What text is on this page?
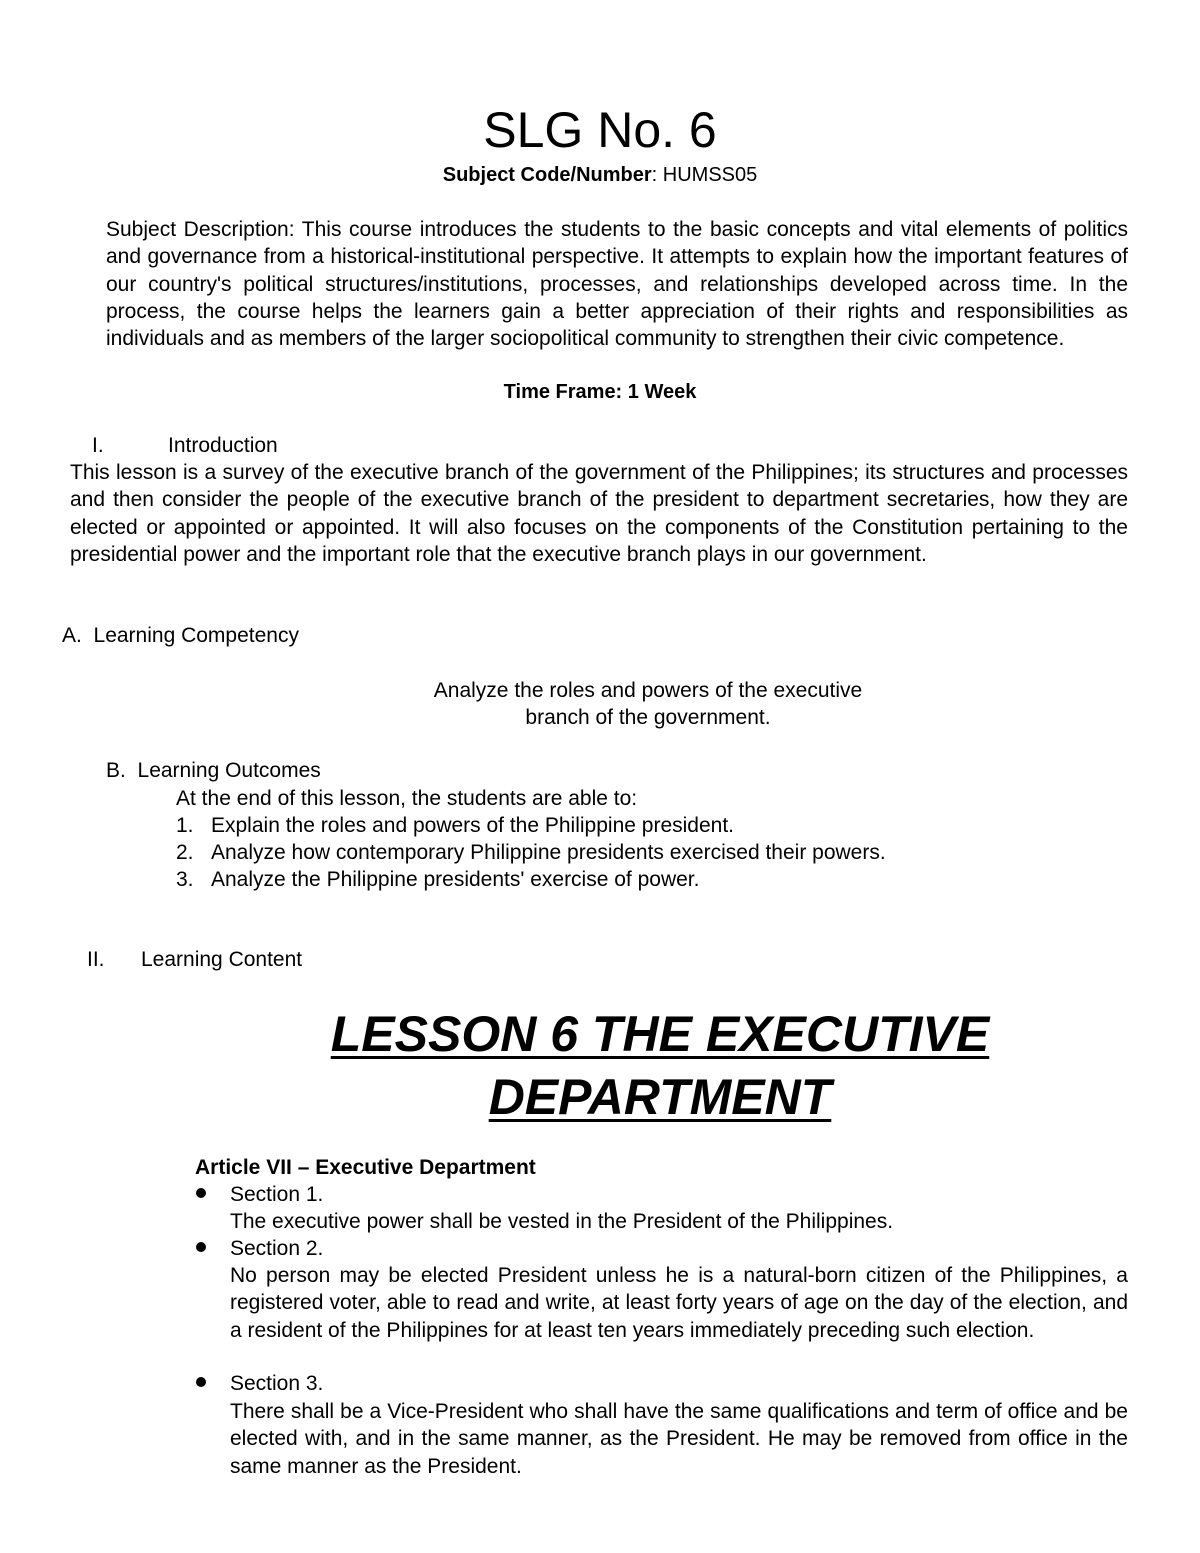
SLG No. 6
Subject Code/Number: HUMSS05
Subject Description: This course introduces the students to the basic concepts and vital elements of politics and governance from a historical-institutional perspective. It attempts to explain how the important features of our country's political structures/institutions, processes, and relationships developed across time. In the process, the course helps the learners gain a better appreciation of their rights and responsibilities as individuals and as members of the larger sociopolitical community to strengthen their civic competence.
Time Frame: 1 Week
I.	Introduction
This lesson is a survey of the executive branch of the government of the Philippines; its structures and processes and then consider the people of the executive branch of the president to department secretaries, how they are elected or appointed or appointed. It will also focuses on the components of the Constitution pertaining to the presidential power and the important role that the executive branch plays in our government.
A.  Learning Competency
Analyze the roles and powers of the executive
branch of the government.
B.  Learning Outcomes
At the end of this lesson, the students are able to:
1. Explain the roles and powers of the Philippine president.
2. Analyze how contemporary Philippine presidents exercised their powers.
3. Analyze the Philippine presidents' exercise of power.
II. Learning Content
LESSON 6 THE EXECUTIVE
DEPARTMENT
Article VII – Executive Department
Section 1.
The executive power shall be vested in the President of the Philippines.
Section 2.
No person may be elected President unless he is a natural-born citizen of the Philippines, a registered voter, able to read and write, at least forty years of age on the day of the election, and a resident of the Philippines for at least ten years immediately preceding such election.
Section 3.
There shall be a Vice-President who shall have the same qualifications and term of office and be elected with, and in the same manner, as the President. He may be removed from office in the same manner as the President.
